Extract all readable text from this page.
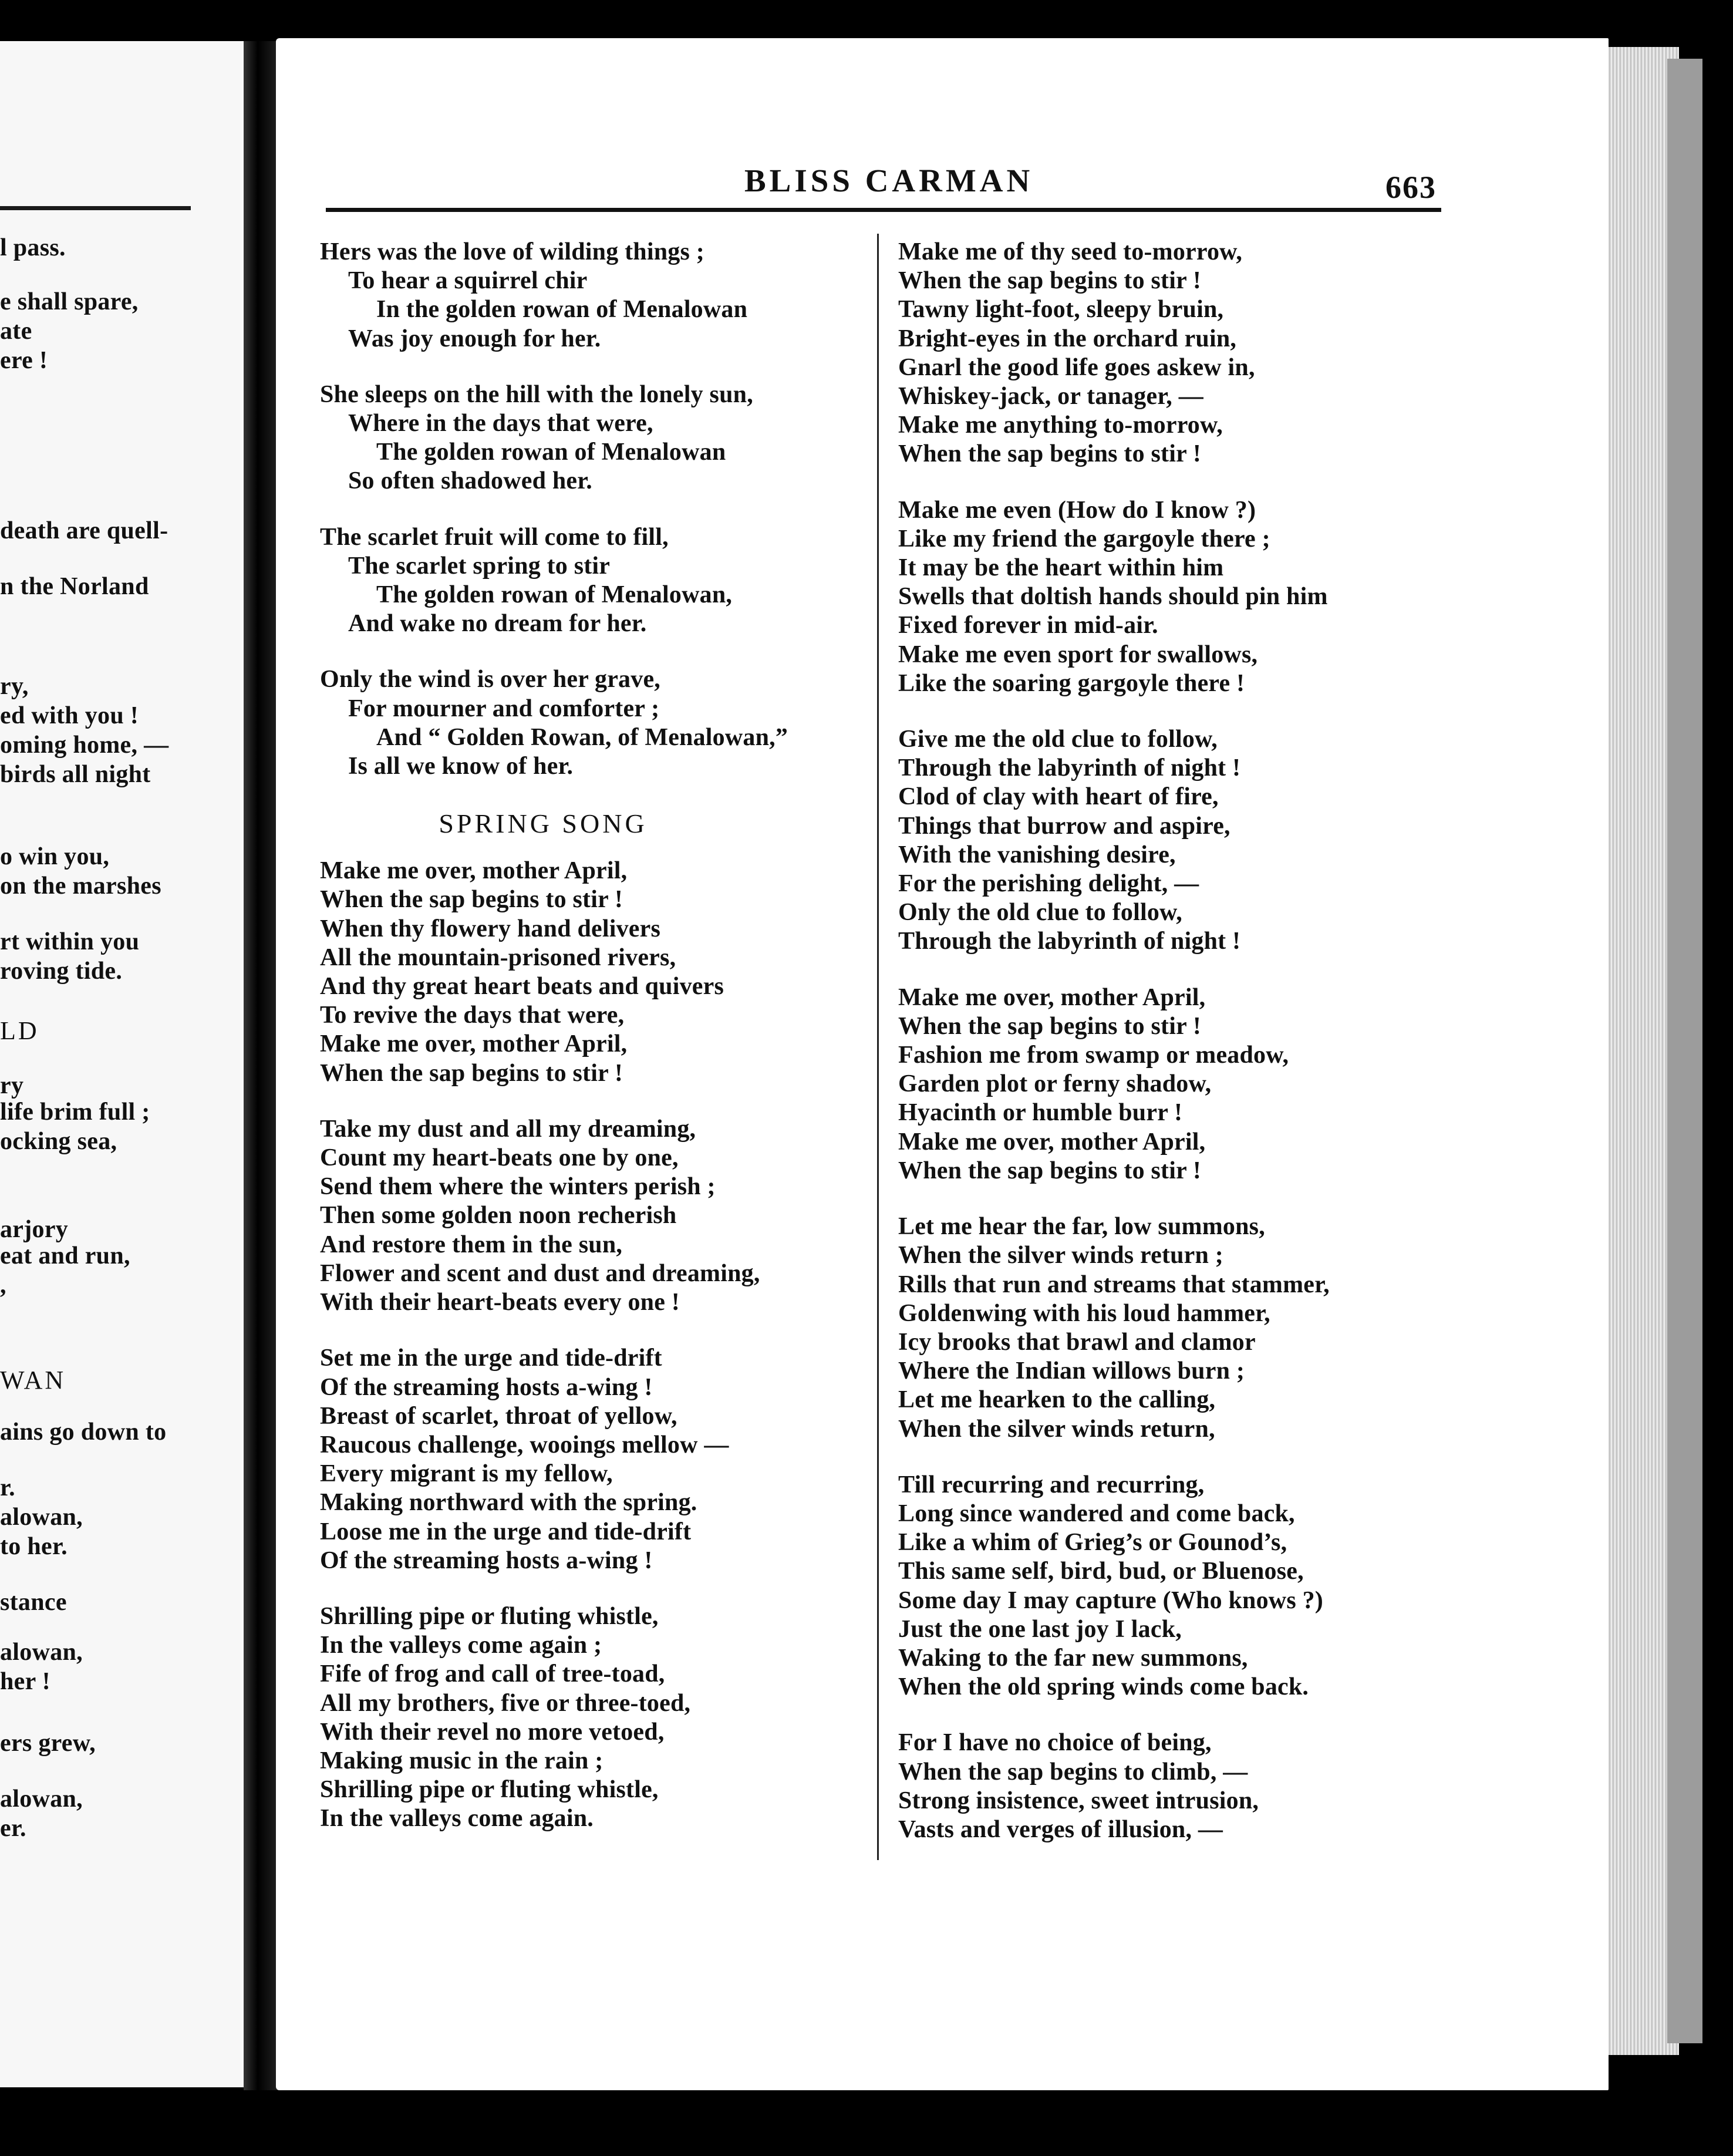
l pass.
e shall spare,
ate
ere !
death are quell-
n the Norland
ry,
ed with you !
oming home, —
birds all night
o win you,
on the marshes
rt within you
roving tide.
LD
ry
life brim full ;
ocking sea,
arjory
eat and run,
,
WAN
ains go down to
r.
alowan,
to her.
stance
alowan,
her !
ers grew,
alowan,
er.
BLISS CARMAN	663
Hers was the love of wilding things ;
To hear a squirrel chir
In the golden rowan of Menalowan
Was joy enough for her.
She sleeps on the hill with the lonely sun,
Where in the days that were,
The golden rowan of Menalowan
So often shadowed her.
The scarlet fruit will come to fill,
The scarlet spring to stir
The golden rowan of Menalowan,
And wake no dream for her.
Only the wind is over her grave,
For mourner and comforter ;
And “ Golden Rowan, of Menalowan,”
Is all we know of her.
SPRING SONG
Make me over, mother April,
When the sap begins to stir !
When thy flowery hand delivers
All the mountain-prisoned rivers,
And thy great heart beats and quivers
To revive the days that were,
Make me over, mother April,
When the sap begins to stir !
Take my dust and all my dreaming,
Count my heart-beats one by one,
Send them where the winters perish ;
Then some golden noon recherish
And restore them in the sun,
Flower and scent and dust and dreaming,
With their heart-beats every one !
Set me in the urge and tide-drift
Of the streaming hosts a-wing !
Breast of scarlet, throat of yellow,
Raucous challenge, wooings mellow —
Every migrant is my fellow,
Making northward with the spring.
Loose me in the urge and tide-drift
Of the streaming hosts a-wing !
Shrilling pipe or fluting whistle,
In the valleys come again ;
Fife of frog and call of tree-toad,
All my brothers, five or three-toed,
With their revel no more vetoed,
Making music in the rain ;
Shrilling pipe or fluting whistle,
In the valleys come again.
Make me of thy seed to-morrow,
When the sap begins to stir !
Tawny light-foot, sleepy bruin,
Bright-eyes in the orchard ruin,
Gnarl the good life goes askew in,
Whiskey-jack, or tanager, —
Make me anything to-morrow,
When the sap begins to stir !
Make me even (How do I know ?)
Like my friend the gargoyle there ;
It may be the heart within him
Swells that doltish hands should pin him
Fixed forever in mid-air.
Make me even sport for swallows,
Like the soaring gargoyle there !
Give me the old clue to follow,
Through the labyrinth of night !
Clod of clay with heart of fire,
Things that burrow and aspire,
With the vanishing desire,
For the perishing delight, —
Only the old clue to follow,
Through the labyrinth of night !
Make me over, mother April,
When the sap begins to stir !
Fashion me from swamp or meadow,
Garden plot or ferny shadow,
Hyacinth or humble burr !
Make me over, mother April,
When the sap begins to stir !
Let me hear the far, low summons,
When the silver winds return ;
Rills that run and streams that stammer,
Goldenwing with his loud hammer,
Icy brooks that brawl and clamor
Where the Indian willows burn ;
Let me hearken to the calling,
When the silver winds return,
Till recurring and recurring,
Long since wandered and come back,
Like a whim of Grieg’s or Gounod’s,
This same self, bird, bud, or Bluenose,
Some day I may capture (Who knows ?)
Just the one last joy I lack,
Waking to the far new summons,
When the old spring winds come back.
For I have no choice of being,
When the sap begins to climb, —
Strong insistence, sweet intrusion,
Vasts and verges of illusion, —
